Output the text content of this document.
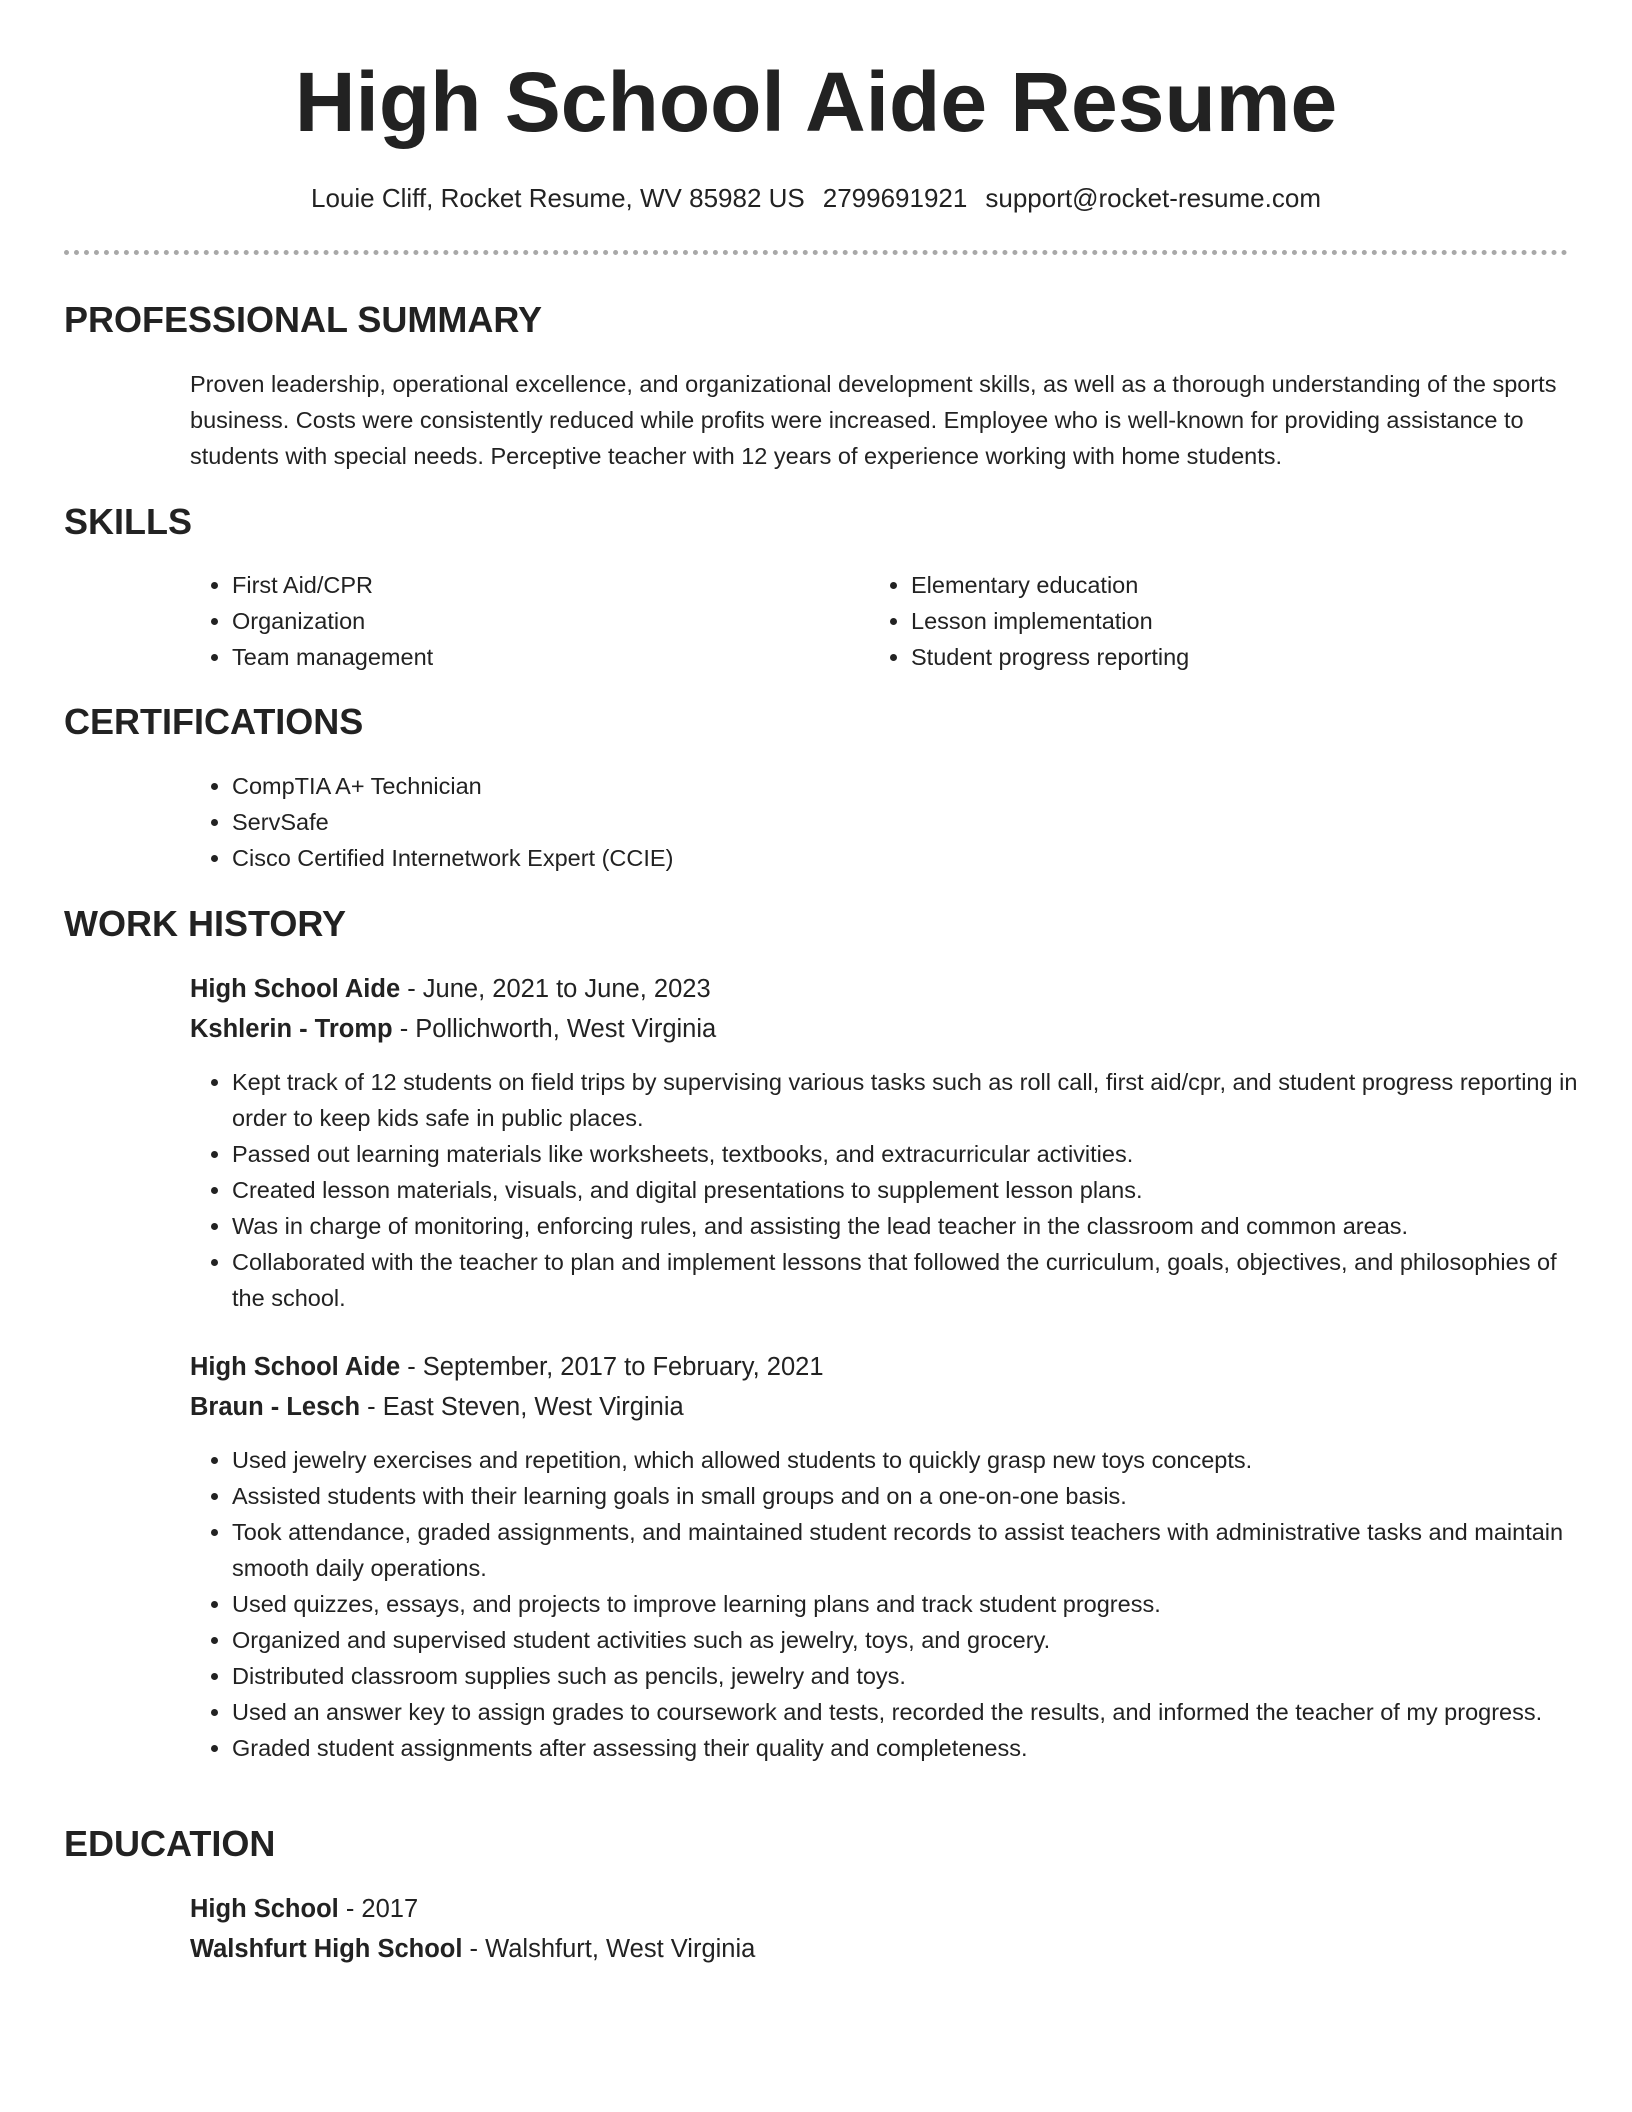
High School Aide Resume
Louie Cliff, Rocket Resume, WV 85982 US 2799691921 support@rocket-resume.com
PROFESSIONAL SUMMARY

Proven leadership, operational excellence, and organizational development skills, as well as a thorough understanding of the sports business. Costs were consistently reduced while profits were increased. Employee who is well-known for providing assistance to students with special needs. Perceptive teacher with 12 years of experience working with home students.

SKILLS
• First Aid/CPR
• Organization
• Team management
• Elementary education
• Lesson implementation
• Student progress reporting
CERTIFICATIONS
• CompTIA A+ Technician
• ServSafe
• Cisco Certified Internetwork Expert (CCIE)
WORK HISTORY
High School Aide - June, 2021 to June, 2023
Kshlerin - Tromp - Pollichworth, West Virginia
• Kept track of 12 students on field trips by supervising various tasks such as roll call, first aid/cpr, and student progress reporting in order to keep kids safe in public places.
• Passed out learning materials like worksheets, textbooks, and extracurricular activities.
• Created lesson materials, visuals, and digital presentations to supplement lesson plans.
• Was in charge of monitoring, enforcing rules, and assisting the lead teacher in the classroom and common areas.
• Collaborated with the teacher to plan and implement lessons that followed the curriculum, goals, objectives, and philosophies of the school.
High School Aide - September, 2017 to February, 2021
Braun - Lesch - East Steven, West Virginia
• Used jewelry exercises and repetition, which allowed students to quickly grasp new toys concepts.
• Assisted students with their learning goals in small groups and on a one-on-one basis.
• Took attendance, graded assignments, and maintained student records to assist teachers with administrative tasks and maintain smooth daily operations.
• Used quizzes, essays, and projects to improve learning plans and track student progress.
• Organized and supervised student activities such as jewelry, toys, and grocery.
• Distributed classroom supplies such as pencils, jewelry and toys.
• Used an answer key to assign grades to coursework and tests, recorded the results, and informed the teacher of my progress.
• Graded student assignments after assessing their quality and completeness.
EDUCATION
High School - 2017
Walshfurt High School - Walshfurt, West Virginia
